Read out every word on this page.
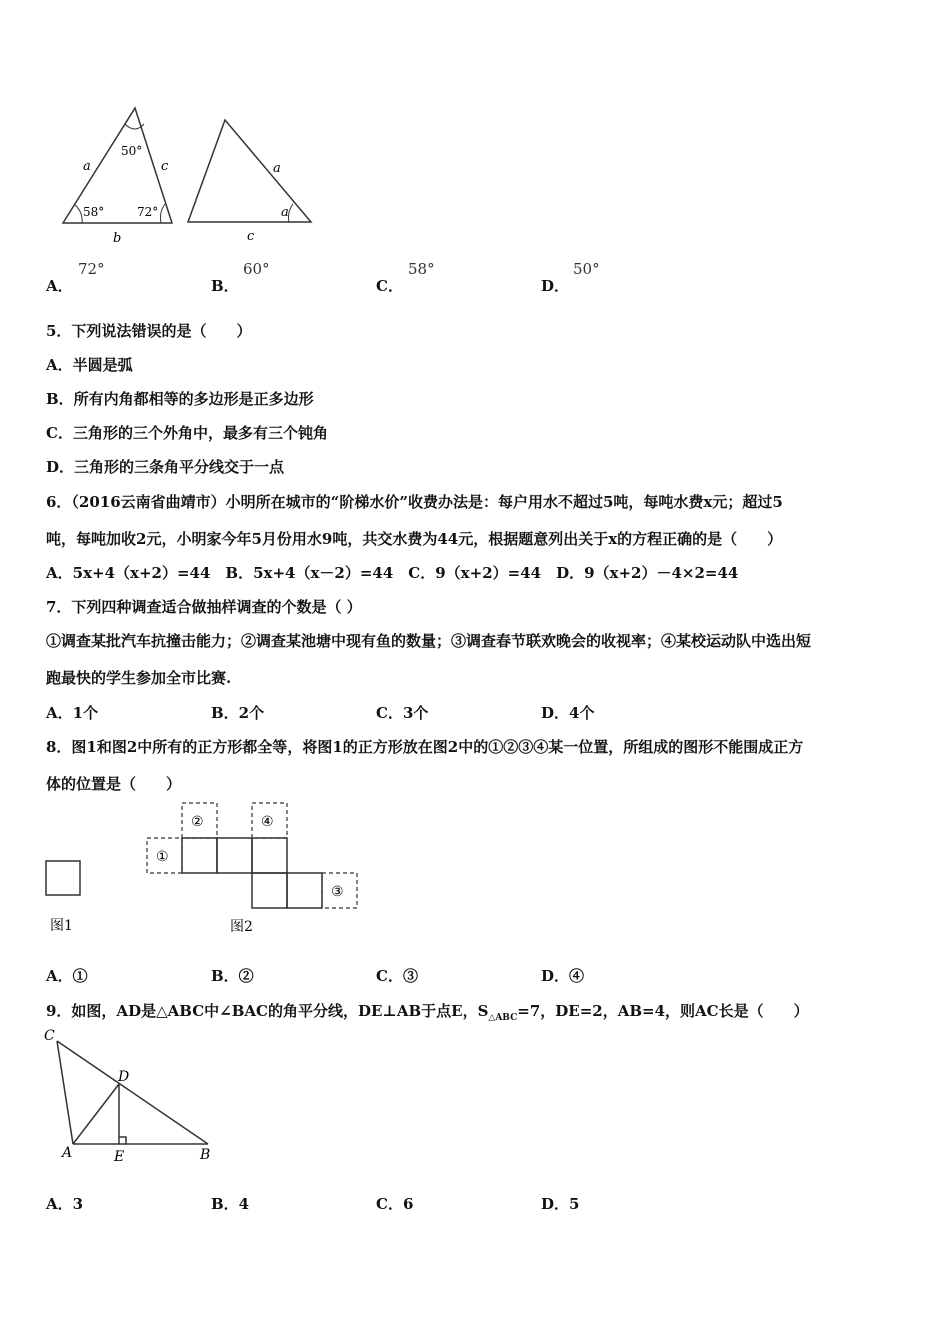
a	c
b
50°
58°	72°
a
a
c
A．
72°
B．
60°
C．
58°
D．
50°
5．下列说法错误的是（　　）
A．半圆是弧
B．所有内角都相等的多边形是正多边形
C．三角形的三个外角中，最多有三个钝角
D．三角形的三条角平分线交于一点
6．（2016云南省曲靖市）小明所在城市的“阶梯水价”收费办法是：每户用水不超过5吨，每吨水费x元；超过5
吨，每吨加收2元，小明家今年5月份用水9吨，共交水费为44元，根据题意列出关于x的方程正确的是（　　）
A．5x+4（x+2）=44　B．5x+4（x－2）=44　C．9（x+2）=44　D．9（x+2）－4×2=44
7．下列四种调查适合做抽样调查的个数是（ ）
①调查某批汽车抗撞击能力；②调查某池塘中现有鱼的数量；③调查春节联欢晚会的收视率；④某校运动队中选出短
跑最快的学生参加全市比赛.
A．1个	B．2个	C．3个	D．4个
8．图1和图2中所有的正方形都全等，将图1的正方形放在图2中的①②③④某一位置，所组成的图形不能围成正方
体的位置是（　　）
图1
①
②
③
④
图2
A．①	B．②	C．③	D．④
9．如图，AD是△ABC中∠BAC的角平分线，DE⊥AB于点E，$S_{\triangle ABC}=7$，DE=2，AB=4，则AC长是（　　）
C
D
A	E	B
A．3	B．4	C．6	D．5
